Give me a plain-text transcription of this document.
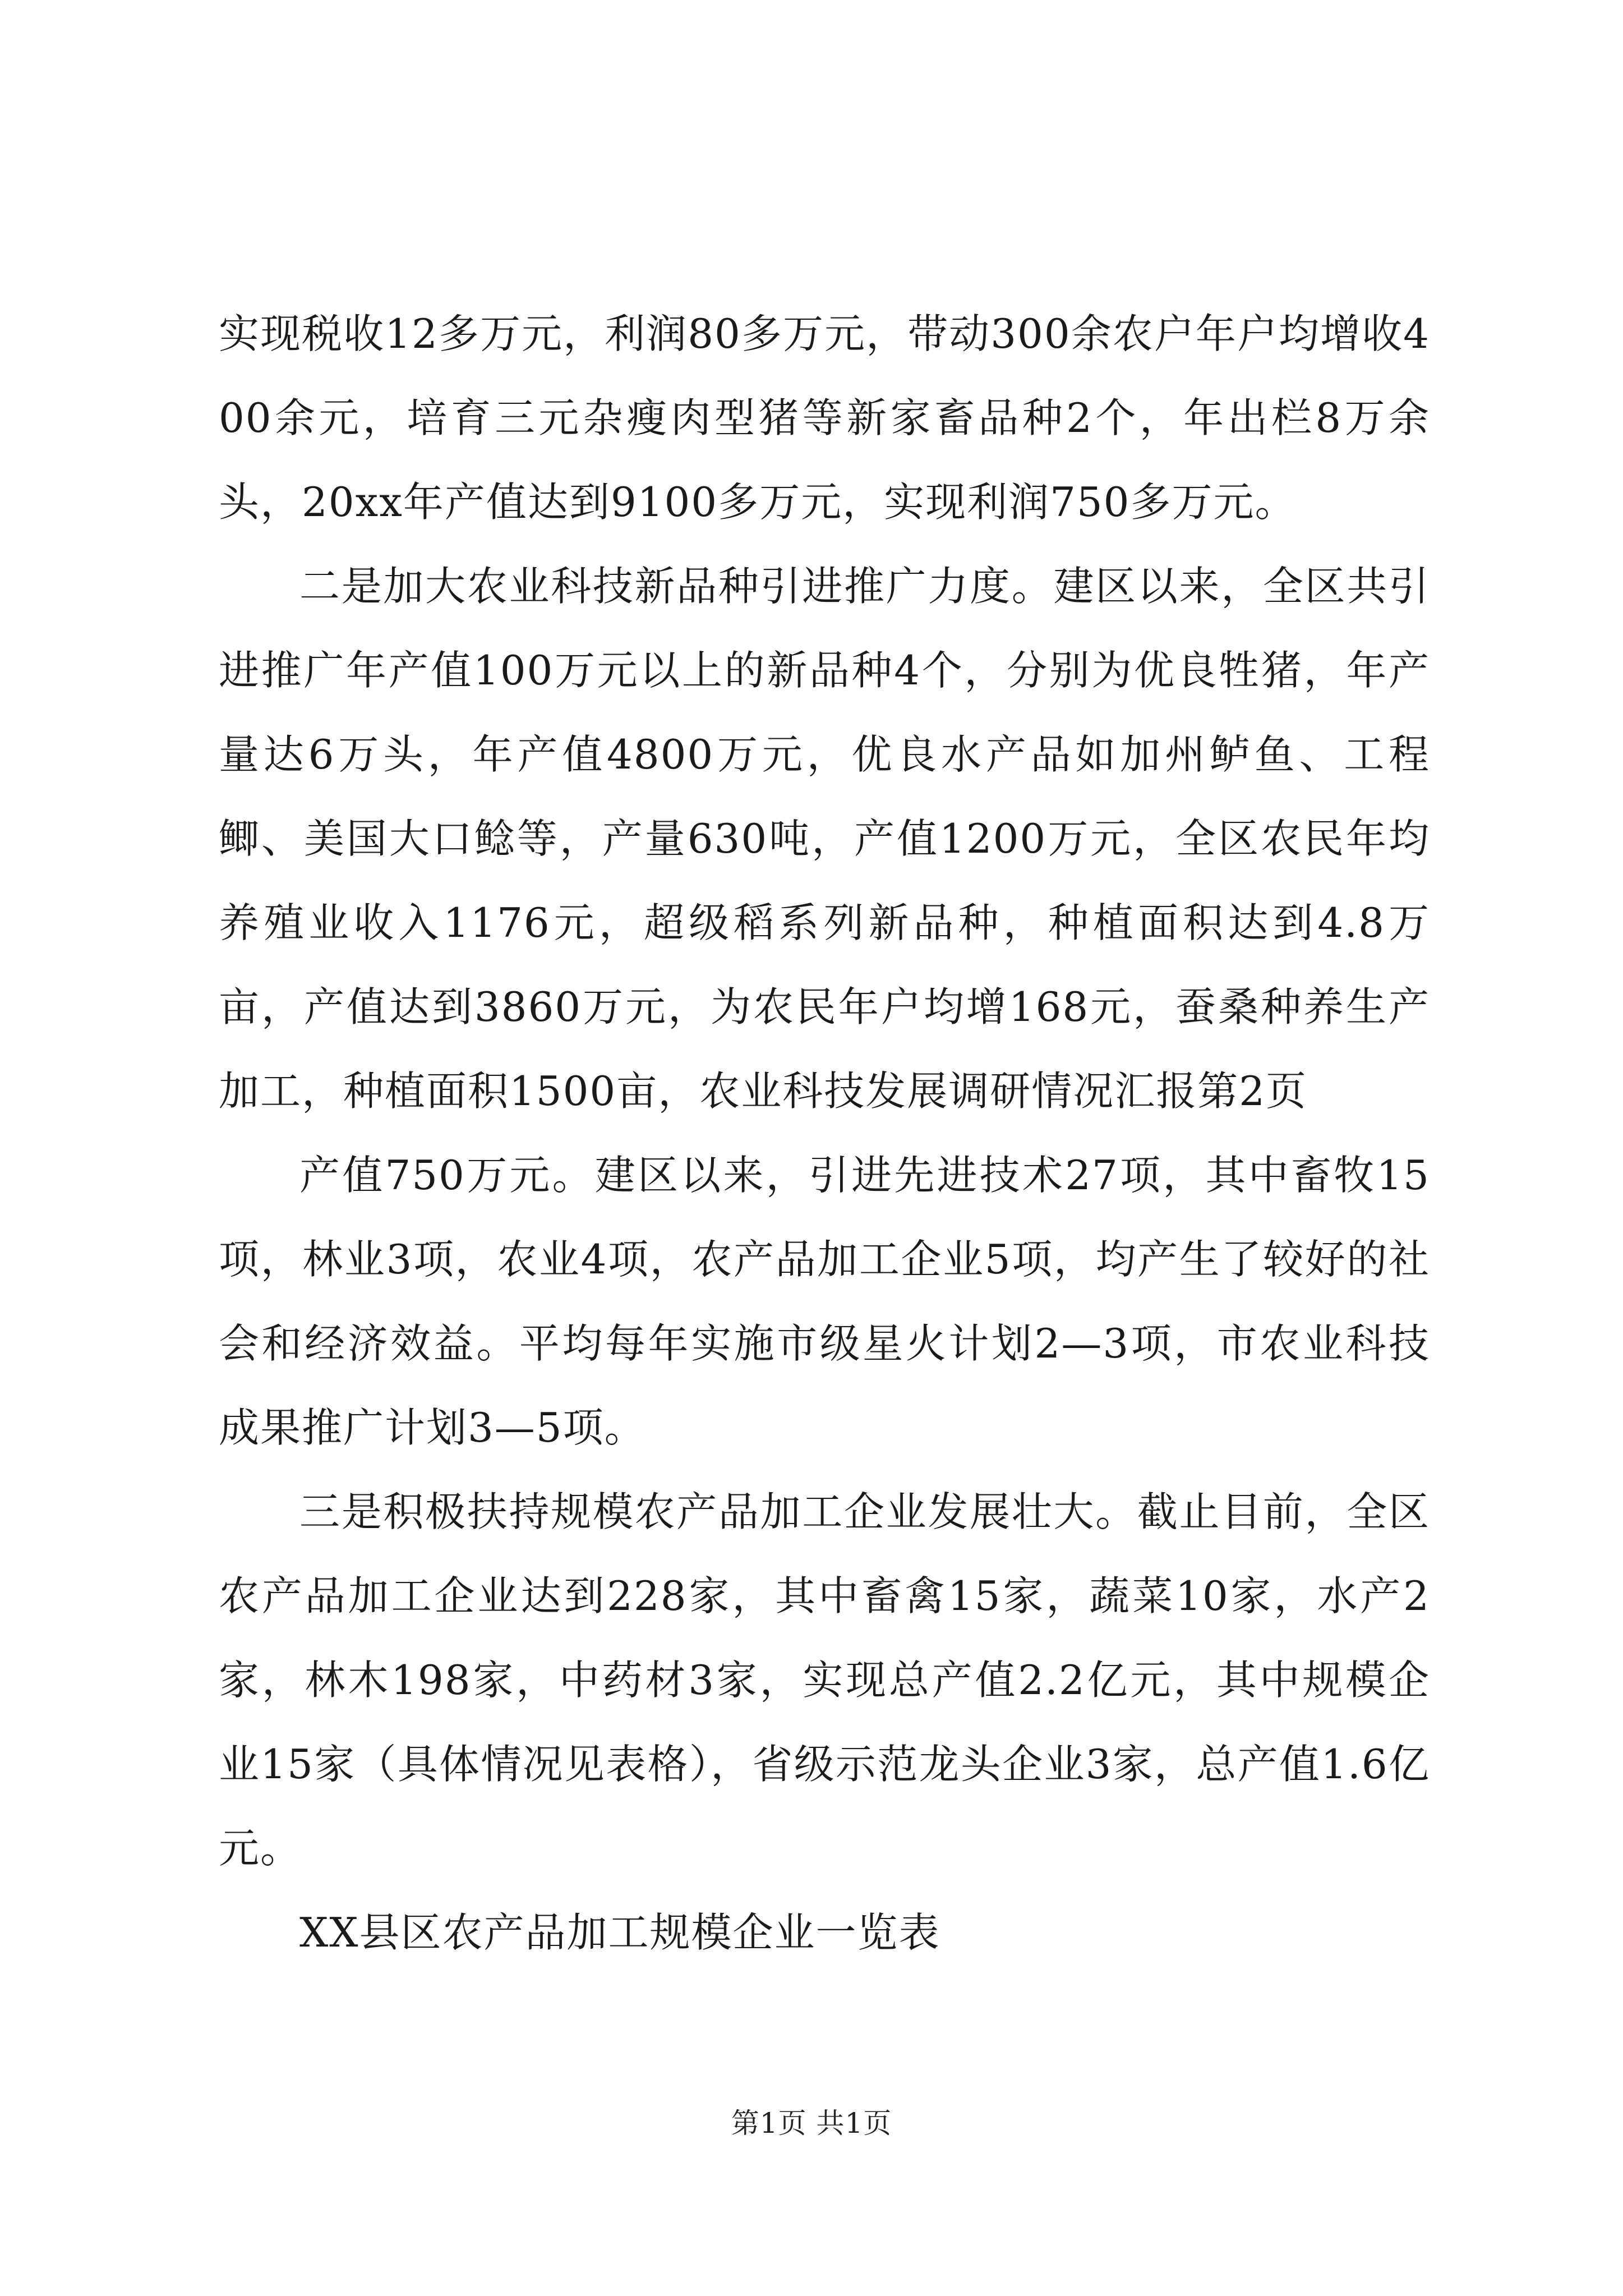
实现税收12多万元，利润80多万元，带动300余农户年户均增收400余元，培育三元杂瘦肉型猪等新家畜品种2个，年出栏8万余头，20xx年产值达到9100多万元，实现利润750多万元。

二是加大农业科技新品种引进推广力度。建区以来，全区共引进推广年产值100万元以上的新品种4个，分别为优良牲猪，年产量达6万头，年产值4800万元，优良水产品如加州鲈鱼、工程鲫、美国大口鲶等，产量630吨，产值1200万元，全区农民年均养殖业收入1176元，超级稻系列新品种，种植面积达到4.8万亩，产值达到3860万元，为农民年户均增168元，蚕桑种养生产加工，种植面积1500亩，农业科技发展调研情况汇报第2页

产值750万元。建区以来，引进先进技术27项，其中畜牧15项，林业3项，农业4项，农产品加工企业5项，均产生了较好的社会和经济效益。平均每年实施市级星火计划2—3项，市农业科技成果推广计划3—5项。

三是积极扶持规模农产品加工企业发展壮大。截止目前，全区农产品加工企业达到228家，其中畜禽15家，蔬菜10家，水产2家，林木198家，中药材3家，实现总产值2.2亿元，其中规模企业15家（具体情况见表格），省级示范龙头企业3家，总产值1.6亿元。

XX县区农产品加工规模企业一览表

第1页 共1页
